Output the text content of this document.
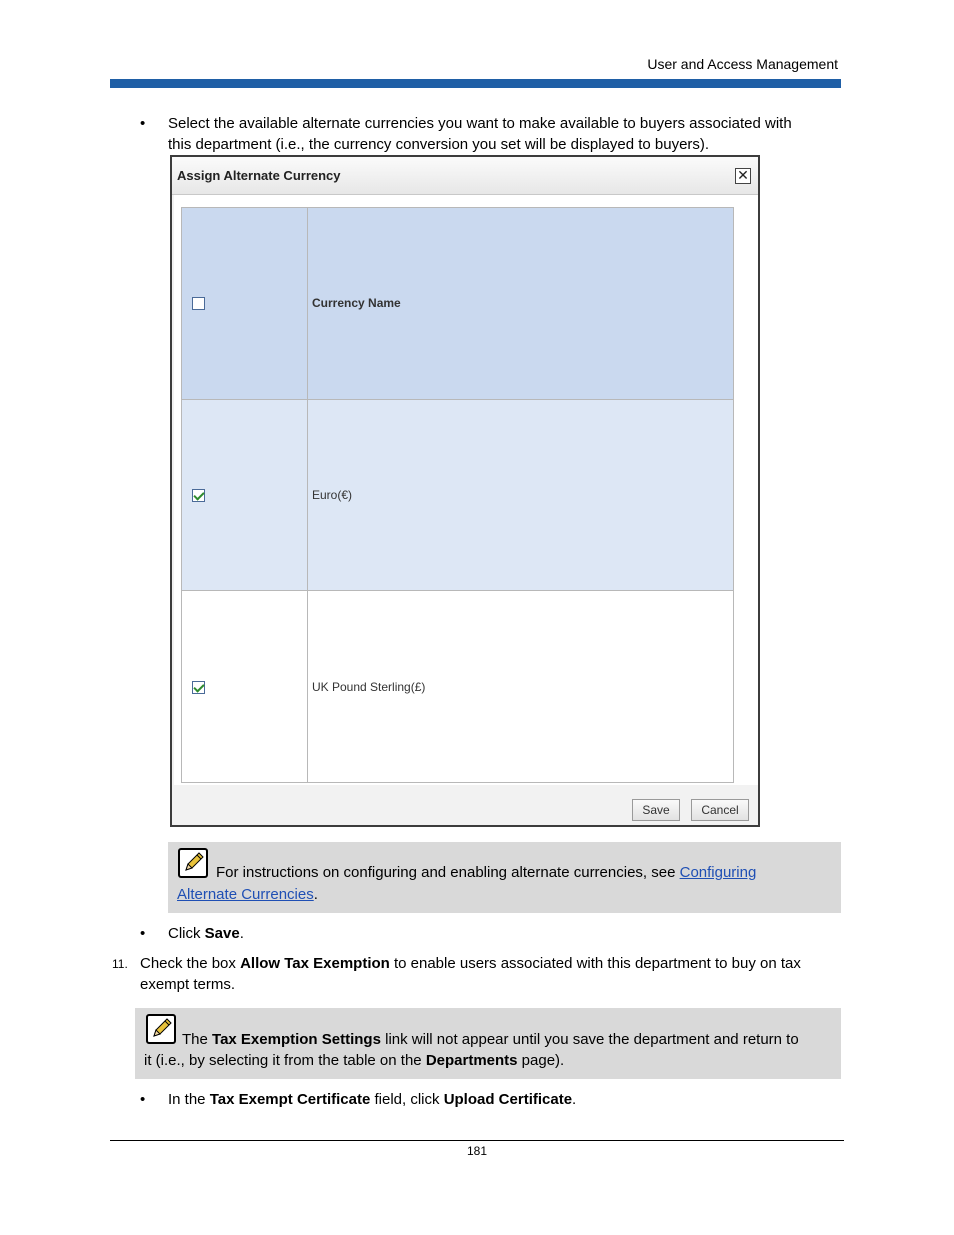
User and Access Management
• Select the available alternate currencies you want to make available to buyers associated with
this department (i.e., the currency conversion you set will be displayed to buyers).
Assign Alternate Currency	✕
	Currency Name
	Euro(€)
	UK Pound Sterling(£)
Save	Cancel
For instructions on configuring and enabling alternate currencies, see Configuring
Alternate Currencies.
• Click Save.
11. Check the box Allow Tax Exemption to enable users associated with this department to buy on tax
exempt terms.
The Tax Exemption Settings link will not appear until you save the department and return to
it (i.e., by selecting it from the table on the Departments page).
• In the Tax Exempt Certificate field, click Upload Certificate.
181
